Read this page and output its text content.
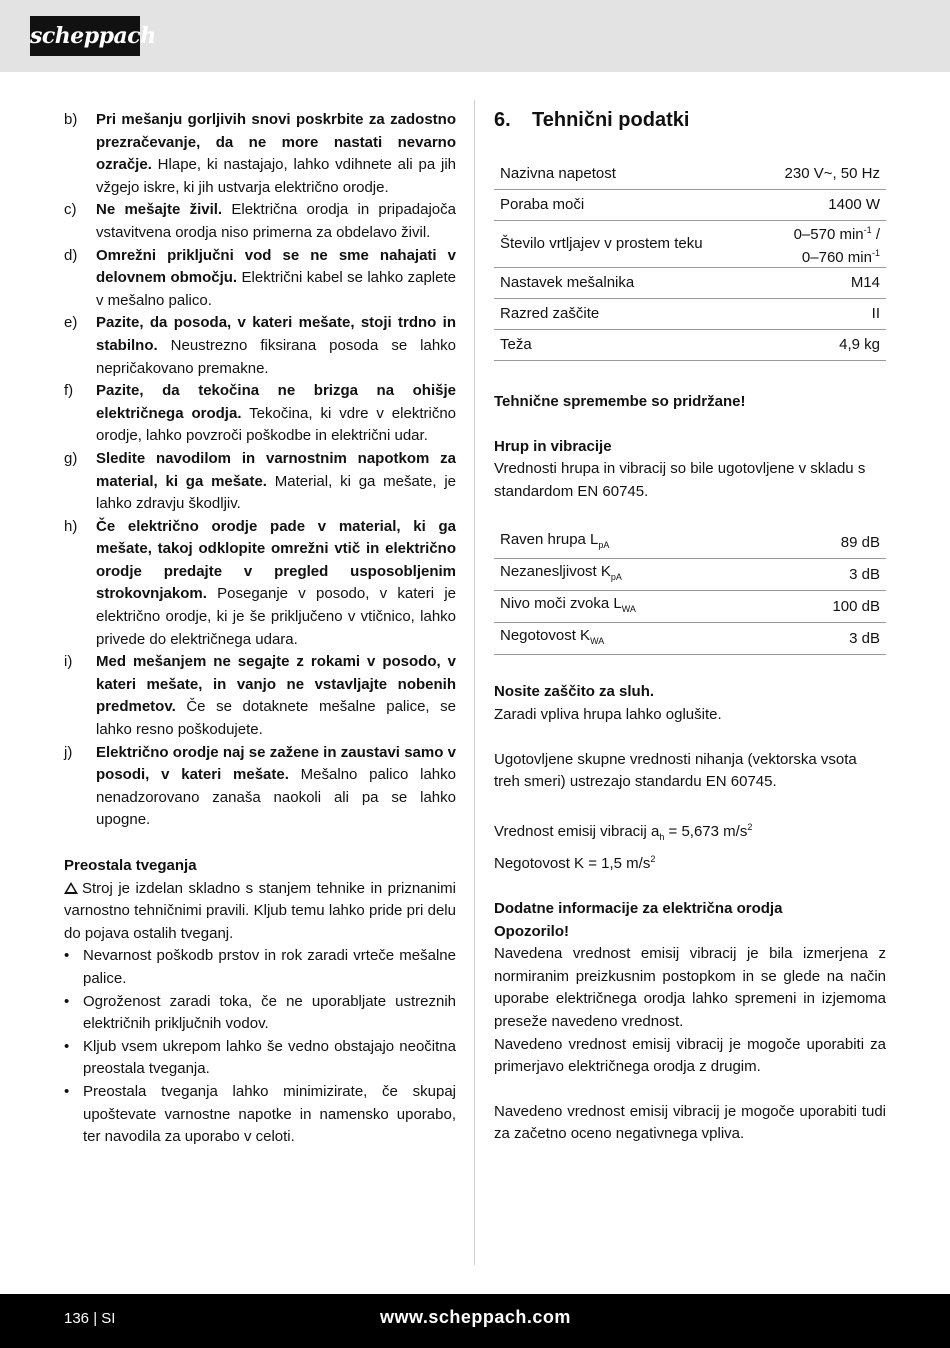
scheppach
b)	Pri mešanju gorljivih snovi poskrbite za zadostno prezračevanje, da ne more nastati nevarno ozračje. Hlape, ki nastajajo, lahko vdihnete ali pa jih vžgejo iskre, ki jih ustvarja električno orodje.
c)	Ne mešajte živil. Električna orodja in pripadajoča vstavitvena orodja niso primerna za obdelavo živil.
d)	Omrežni priključni vod se ne sme nahajati v delovnem območju. Električni kabel se lahko zaplete v mešalno palico.
e)	Pazite, da posoda, v kateri mešate, stoji trdno in stabilno. Neustrezno fiksirana posoda se lahko nepričakovano premakne.
f)	Pazite, da tekočina ne brizga na ohišje električnega orodja. Tekočina, ki vdre v električno orodje, lahko povzroči poškodbe in električni udar.
g)	Sledite navodilom in varnostnim napotkom za material, ki ga mešate. Material, ki ga mešate, je lahko zdravju škodljiv.
h)	Če električno orodje pade v material, ki ga mešate, takoj odklopite omrežni vtič in električno orodje predajte v pregled usposobljenim strokovnjakom. Poseganje v posodo, v kateri je električno orodje, ki je še priključeno v vtičnico, lahko privede do električnega udara.
i)	Med mešanjem ne segajte z rokami v posodo, v kateri mešate, in vanjo ne vstavljajte nobenih predmetov. Če se dotaknete mešalne palice, se lahko resno poškodujete.
j)	Električno orodje naj se zažene in zaustavi samo v posodi, v kateri mešate. Mešalno palico lahko nenadzorovano zanaša naokoli ali pa se lahko upogne.
Preostala tveganja
Stroj je izdelan skladno s stanjem tehnike in priznanimi varnostno tehničnimi pravili. Kljub temu lahko pride pri delu do pojava ostalih tveganj.
• Nevarnost poškodb prstov in rok zaradi vrteče mešalne palice.
• Ogroženost zaradi toka, če ne uporabljate ustreznih električnih priključnih vodov.
• Kljub vsem ukrepom lahko še vedno obstajajo neočitna preostala tveganja.
• Preostala tveganja lahko minimizirate, če skupaj upoštevate varnostne napotke in namensko uporabo, ter navodila za uporabo v celoti.
6. Tehnični podatki
Nazivna napetost	230 V~, 50 Hz
Poraba moči	1400 W
Število vrtljajev v prostem teku	0–570 $\min^{-1}$ /
0–760 $\min^{-1}$
Nastavek mešalnika	M14
Razred zaščite	II
Teža	4,9 kg
Tehnične spremembe so pridržane!
Hrup in vibracije
Vrednosti hrupa in vibracij so bile ugotovljene v skladu s standardom EN 60745.
Raven hrupa $L_{pA}$	89 dB
Nezanesljivost $K_{pA}$	3 dB
Nivo moči zvoka $L_{WA}$	100 dB
Negotovost $K_{WA}$	3 dB
Nosite zaščito za sluh.
Zaradi vpliva hrupa lahko oglušite.
Ugotovljene skupne vrednosti nihanja (vektorska vsota treh smeri) ustrezajo standardu EN 60745.
Vrednost emisij vibracij $a_h = 5,673$ $m/s^2$
Negotovost K = 1,5 $m/s^2$
Dodatne informacije za električna orodja
Opozorilo!
Navedena vrednost emisij vibracij je bila izmerjena z normiranim preizkusnim postopkom in se glede na način uporabe električnega orodja lahko spremeni in izjemoma preseže navedeno vrednost.
Navedeno vrednost emisij vibracij je mogoče uporabiti za primerjavo električnega orodja z drugim.
Navedeno vrednost emisij vibracij je mogoče uporabiti tudi za začetno oceno negativnega vpliva.
136 | SI	www.scheppach.com
